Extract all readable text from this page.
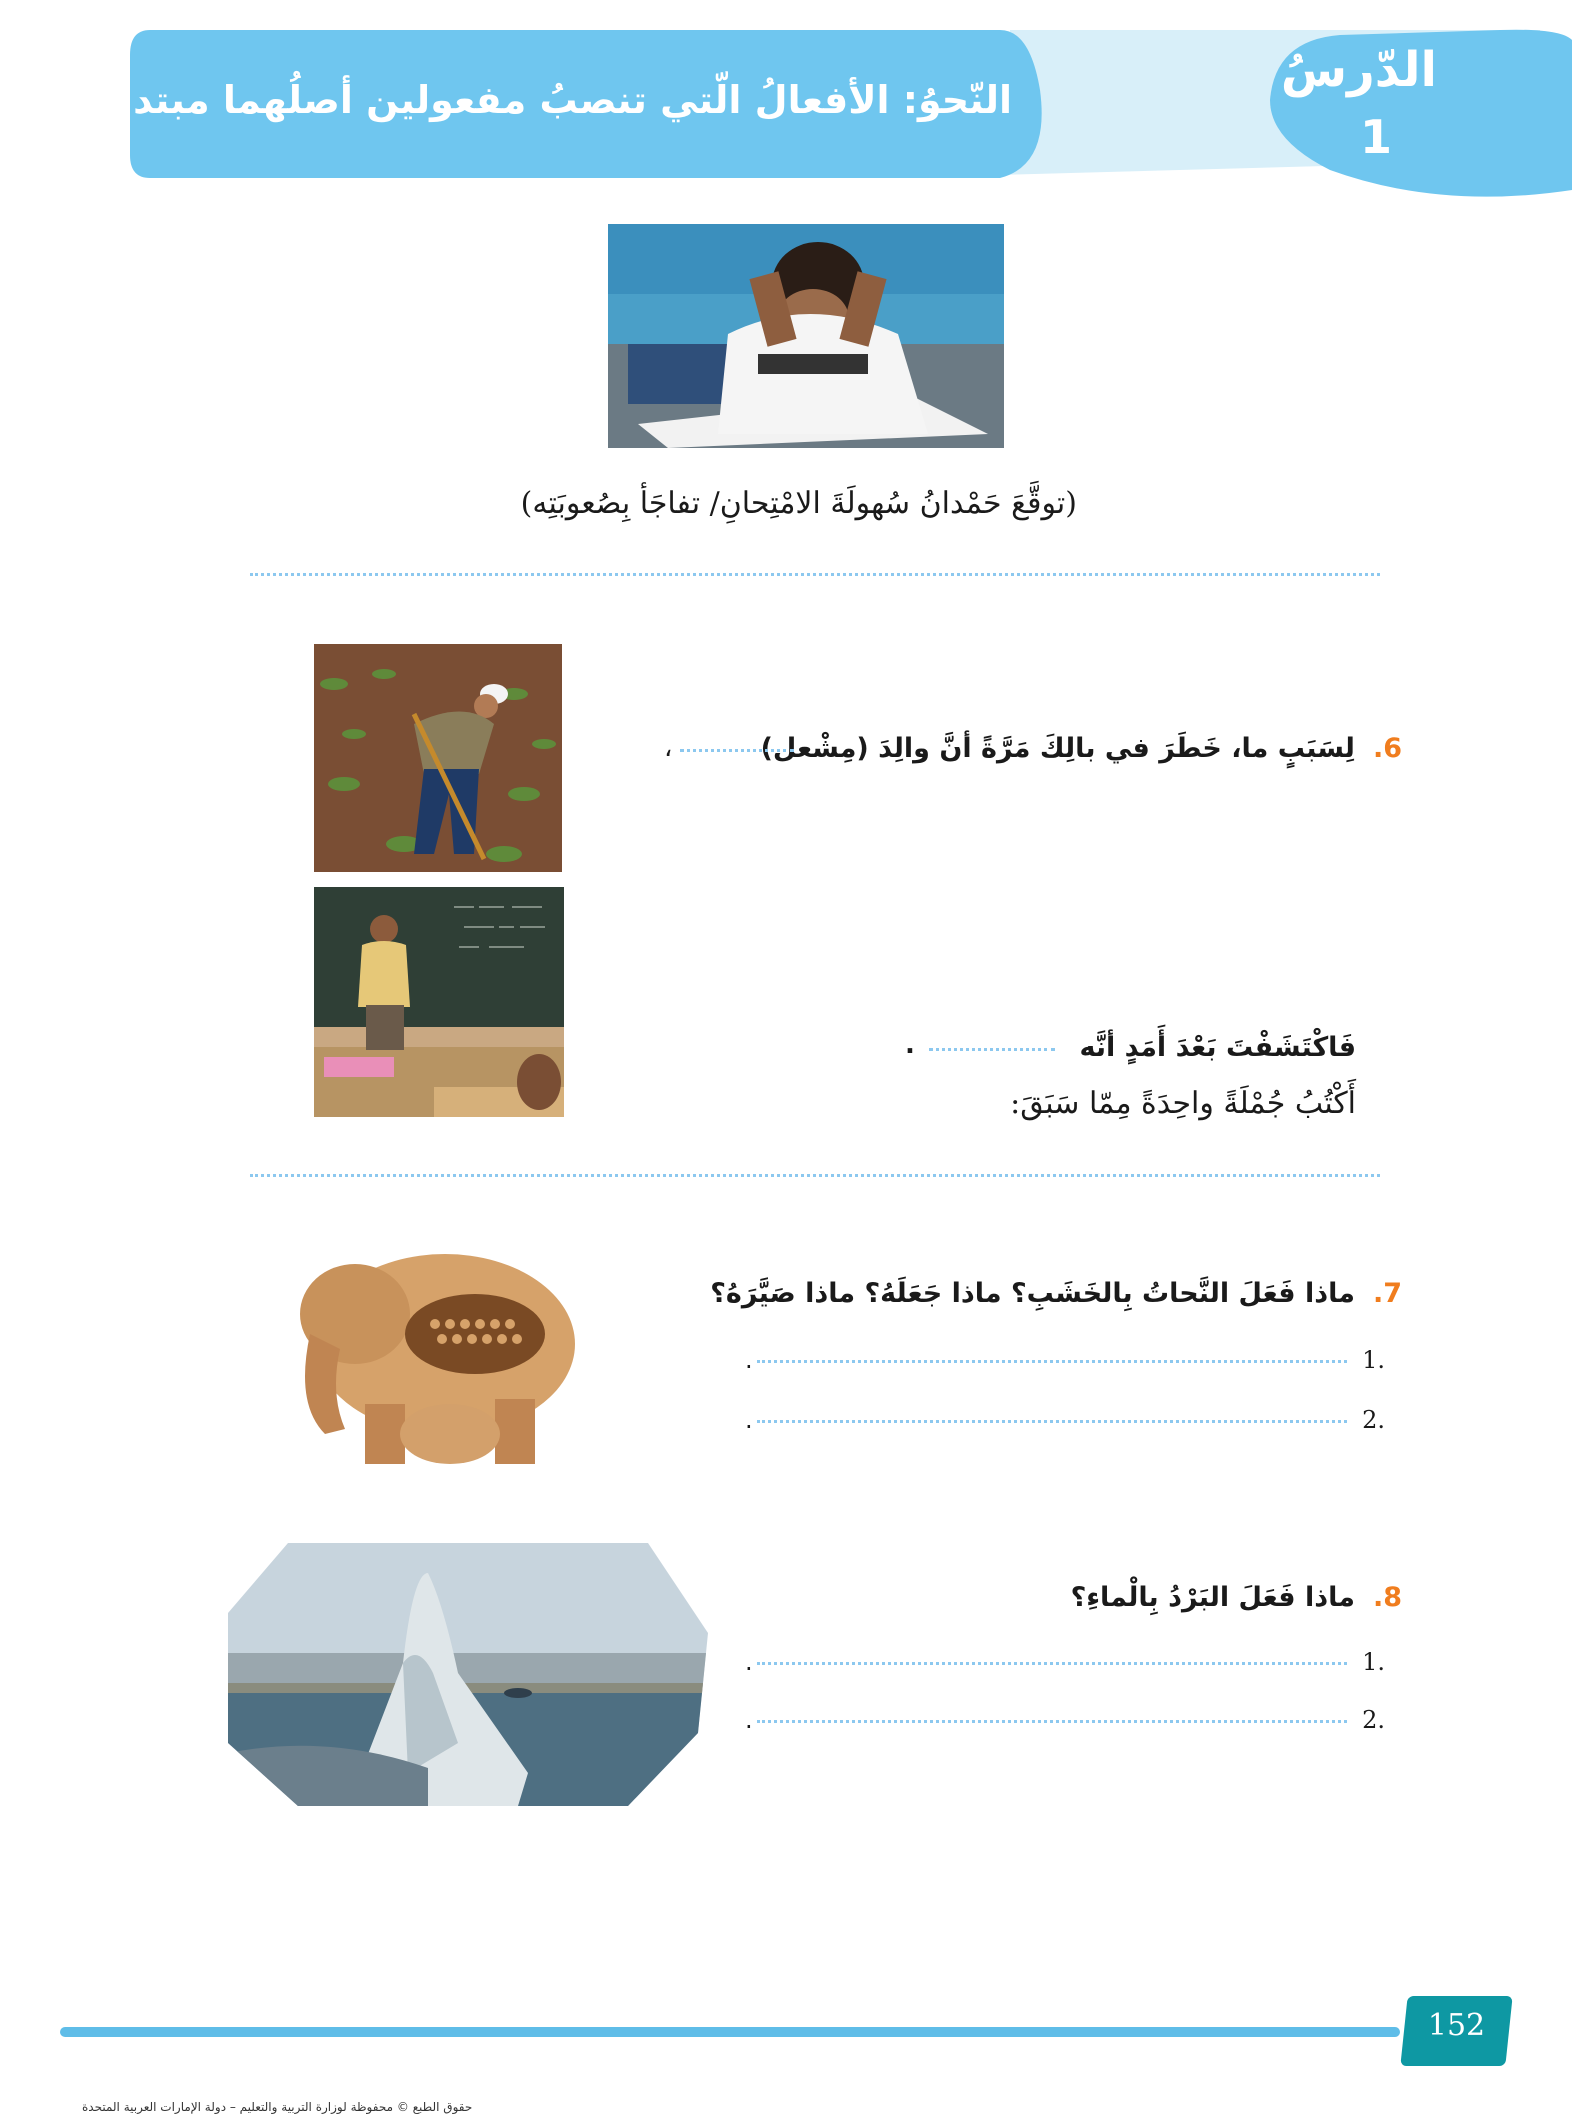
النّحوُ: الأفعالُ الّتي تنصبُ مفعولين أصلُهما مبتدأ وخبرٌ
الدّرسُ
1
(توقَّعَ حَمْدانُ سُهولَةَ الامْتِحانِ/ تفاجَأ بِصُعوبَتِه)
6.لِسَبَبٍ ما، خَطَرَ في بالِكَ مَرَّةً أنَّ والِدَ (مِشْعل)
،
فَاكْتَشَفْتَ بَعْدَ أَمَدٍ أنَّه
.
أَكْتُبُ جُمْلَةً واحِدَةً مِمّا سَبَقَ:
7.ماذا فَعَلَ النَّحاتُ بِالخَشَبِ؟ ماذا جَعَلَهُ؟ ماذا صَيَّرَهُ؟
.	1.
.	2.
8.ماذا فَعَلَ البَرْدُ بِالْماءِ؟
.	1.
.	2.
152
حقوق الطبع © محفوظة لوزارة التربية والتعليم – دولة الإمارات العربية المتحدة
